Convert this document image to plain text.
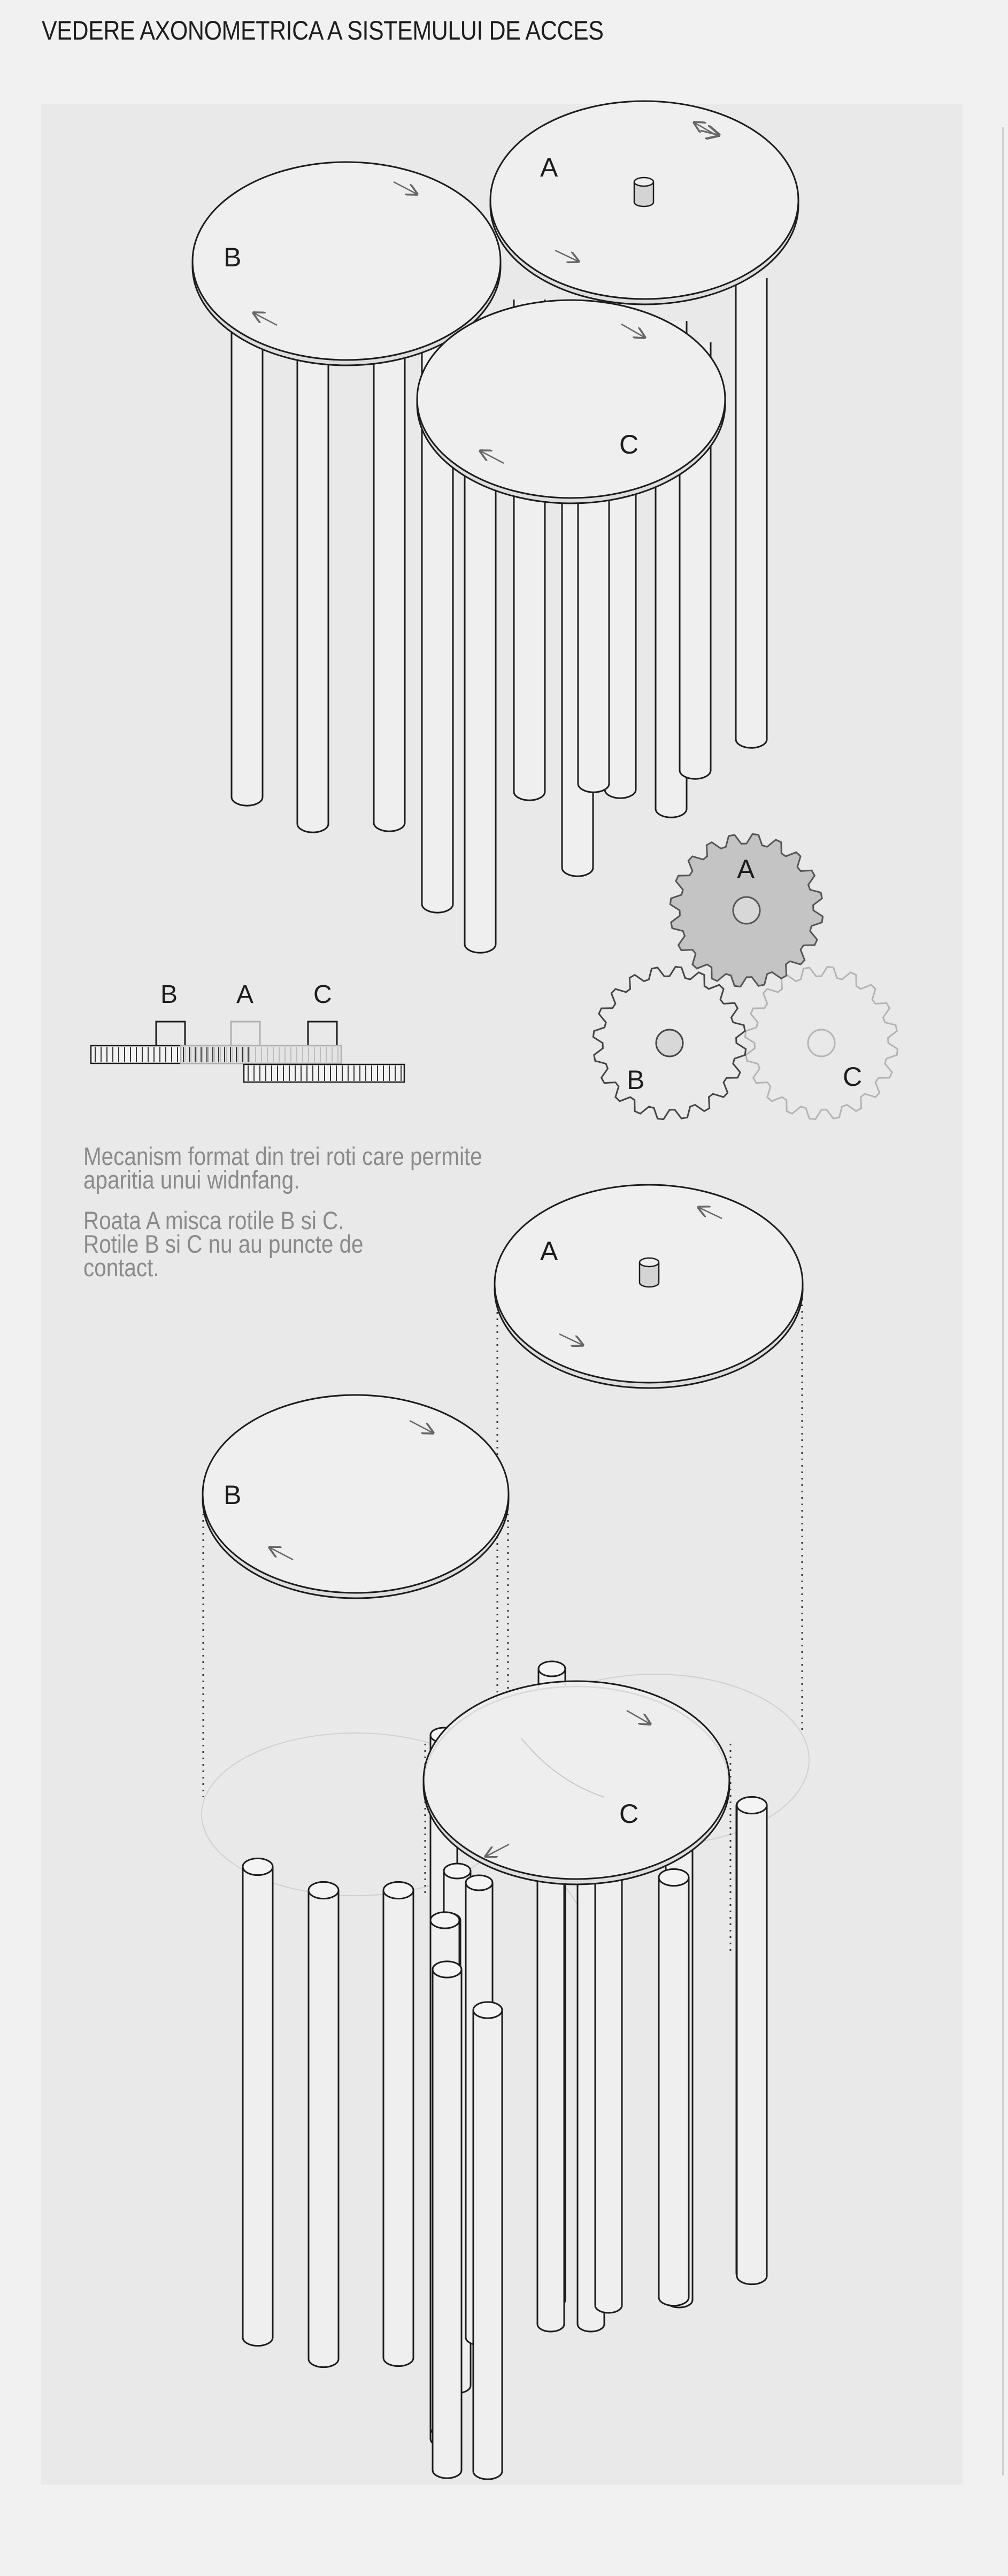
VEDERE AXONOMETRICA A SISTEMULUI DE ACCES
A
B
C
B A C
A
B	C
A
B
C
Mecanism format din trei roti care permite
aparitia unui widnfang.
Roata A misca rotile B si C.
Rotile B si C nu au puncte de
contact.
